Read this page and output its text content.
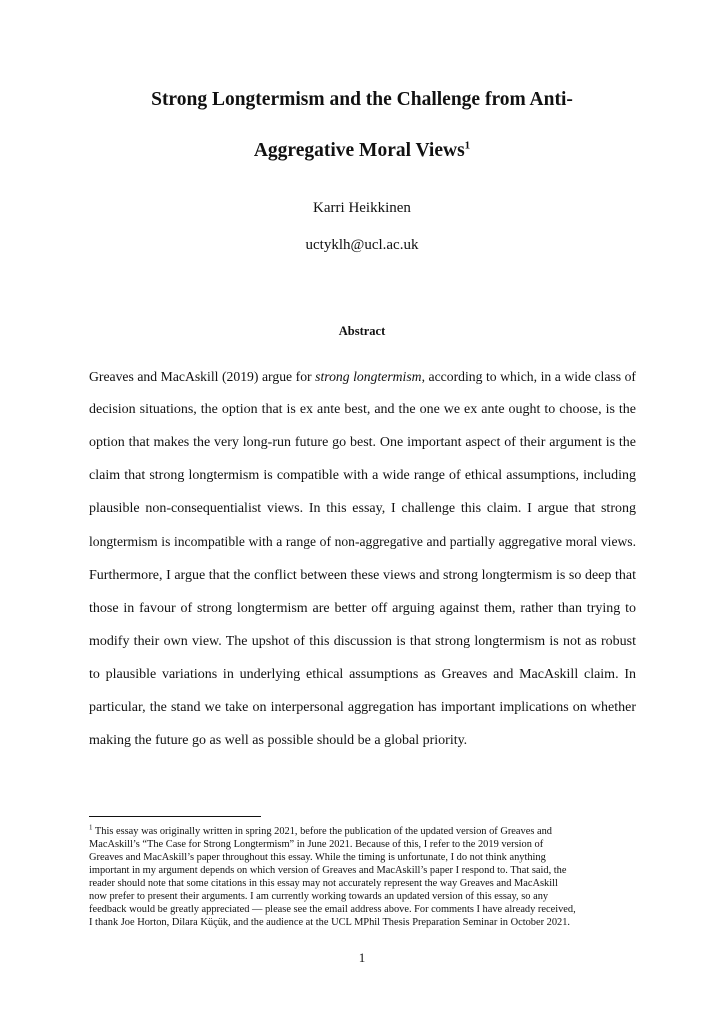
Strong Longtermism and the Challenge from Anti-
Aggregative Moral Views$^1$

Karri Heikkinen

uctyklh@ucl.ac.uk

Abstract

Greaves and MacAskill (2019) argue for strong longtermism, according to which, in a wide class of

decision situations, the option that is ex ante best, and the one we ex ante ought to choose, is the

option that makes the very long-run future go best. One important aspect of their argument is the

claim that strong longtermism is compatible with a wide range of ethical assumptions, including

plausible non-consequentialist views. In this essay, I challenge this claim. I argue that strong

longtermism is incompatible with a range of non-aggregative and partially aggregative moral views.

Furthermore, I argue that the conflict between these views and strong longtermism is so deep that

those in favour of strong longtermism are better off arguing against them, rather than trying to

modify their own view. The upshot of this discussion is that strong longtermism is not as robust

to plausible variations in underlying ethical assumptions as Greaves and MacAskill claim. In

particular, the stand we take on interpersonal aggregation has important implications on whether

making the future go as well as possible should be a global priority.

$^1$ This essay was originally written in spring 2021, before the publication of the updated version of Greaves and

MacAskill’s “The Case for Strong Longtermism” in June 2021. Because of this, I refer to the 2019 version of

Greaves and MacAskill’s paper throughout this essay. While the timing is unfortunate, I do not think anything

important in my argument depends on which version of Greaves and MacAskill’s paper I respond to. That said, the

reader should note that some citations in this essay may not accurately represent the way Greaves and MacAskill

now prefer to present their arguments. I am currently working towards an updated version of this essay, so any

feedback would be greatly appreciated — please see the email address above. For comments I have already received,

I thank Joe Horton, Dilara Küçük, and the audience at the UCL MPhil Thesis Preparation Seminar in October 2021.

1
